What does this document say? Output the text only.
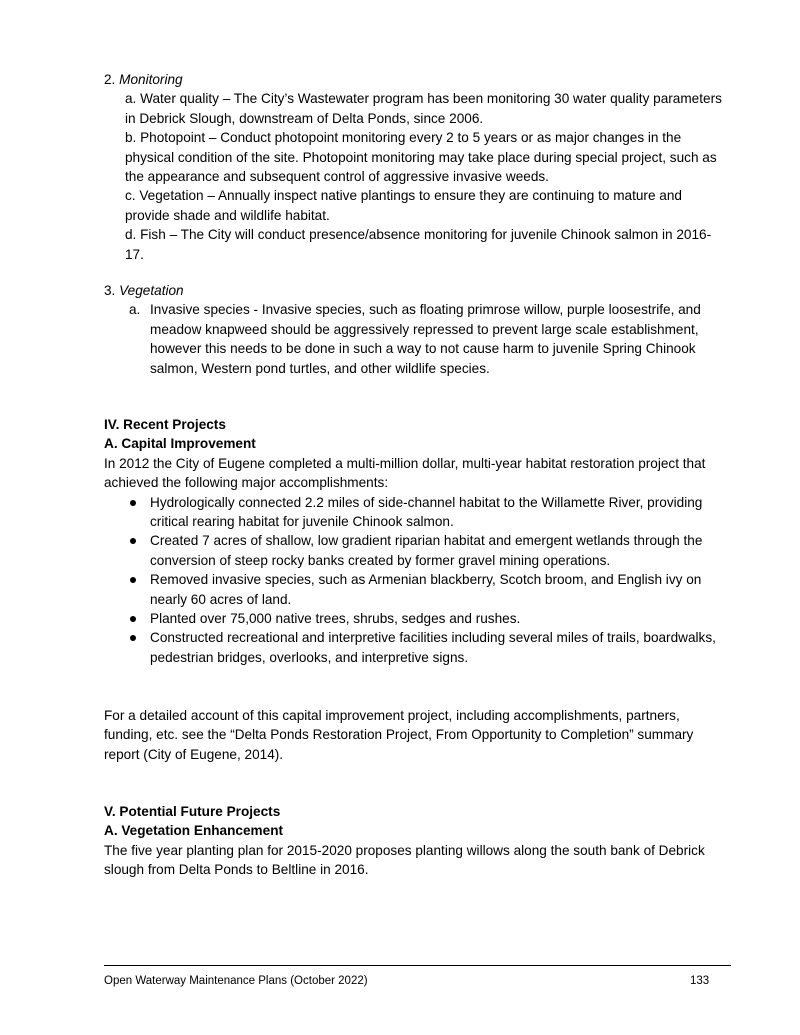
2. Monitoring

a. Water quality – The City’s Wastewater program has been monitoring 30 water quality parameters in Debrick Slough, downstream of Delta Ponds, since 2006.

b. Photopoint – Conduct photopoint monitoring every 2 to 5 years or as major changes in the physical condition of the site. Photopoint monitoring may take place during special project, such as the appearance and subsequent control of aggressive invasive weeds.

c. Vegetation – Annually inspect native plantings to ensure they are continuing to mature and provide shade and wildlife habitat.

d. Fish – The City will conduct presence/absence monitoring for juvenile Chinook salmon in 2016-17.

3. Vegetation

a. Invasive species - Invasive species, such as floating primrose willow, purple loosestrife, and meadow knapweed should be aggressively repressed to prevent large scale establishment, however this needs to be done in such a way to not cause harm to juvenile Spring Chinook salmon, Western pond turtles, and other wildlife species.

IV. Recent Projects

A. Capital Improvement

In 2012 the City of Eugene completed a multi-million dollar, multi-year habitat restoration project that achieved the following major accomplishments:

Hydrologically connected 2.2 miles of side-channel habitat to the Willamette River, providing critical rearing habitat for juvenile Chinook salmon.
Created 7 acres of shallow, low gradient riparian habitat and emergent wetlands through the conversion of steep rocky banks created by former gravel mining operations.
Removed invasive species, such as Armenian blackberry, Scotch broom, and English ivy on nearly 60 acres of land.
Planted over 75,000 native trees, shrubs, sedges and rushes.
Constructed recreational and interpretive facilities including several miles of trails, boardwalks, pedestrian bridges, overlooks, and interpretive signs.

For a detailed account of this capital improvement project, including accomplishments, partners, funding, etc. see the “Delta Ponds Restoration Project, From Opportunity to Completion” summary report (City of Eugene, 2014).

V. Potential Future Projects

A. Vegetation Enhancement

The five year planting plan for 2015-2020 proposes planting willows along the south bank of Debrick slough from Delta Ponds to Beltline in 2016.

Open Waterway Maintenance Plans (October 2022)	133
